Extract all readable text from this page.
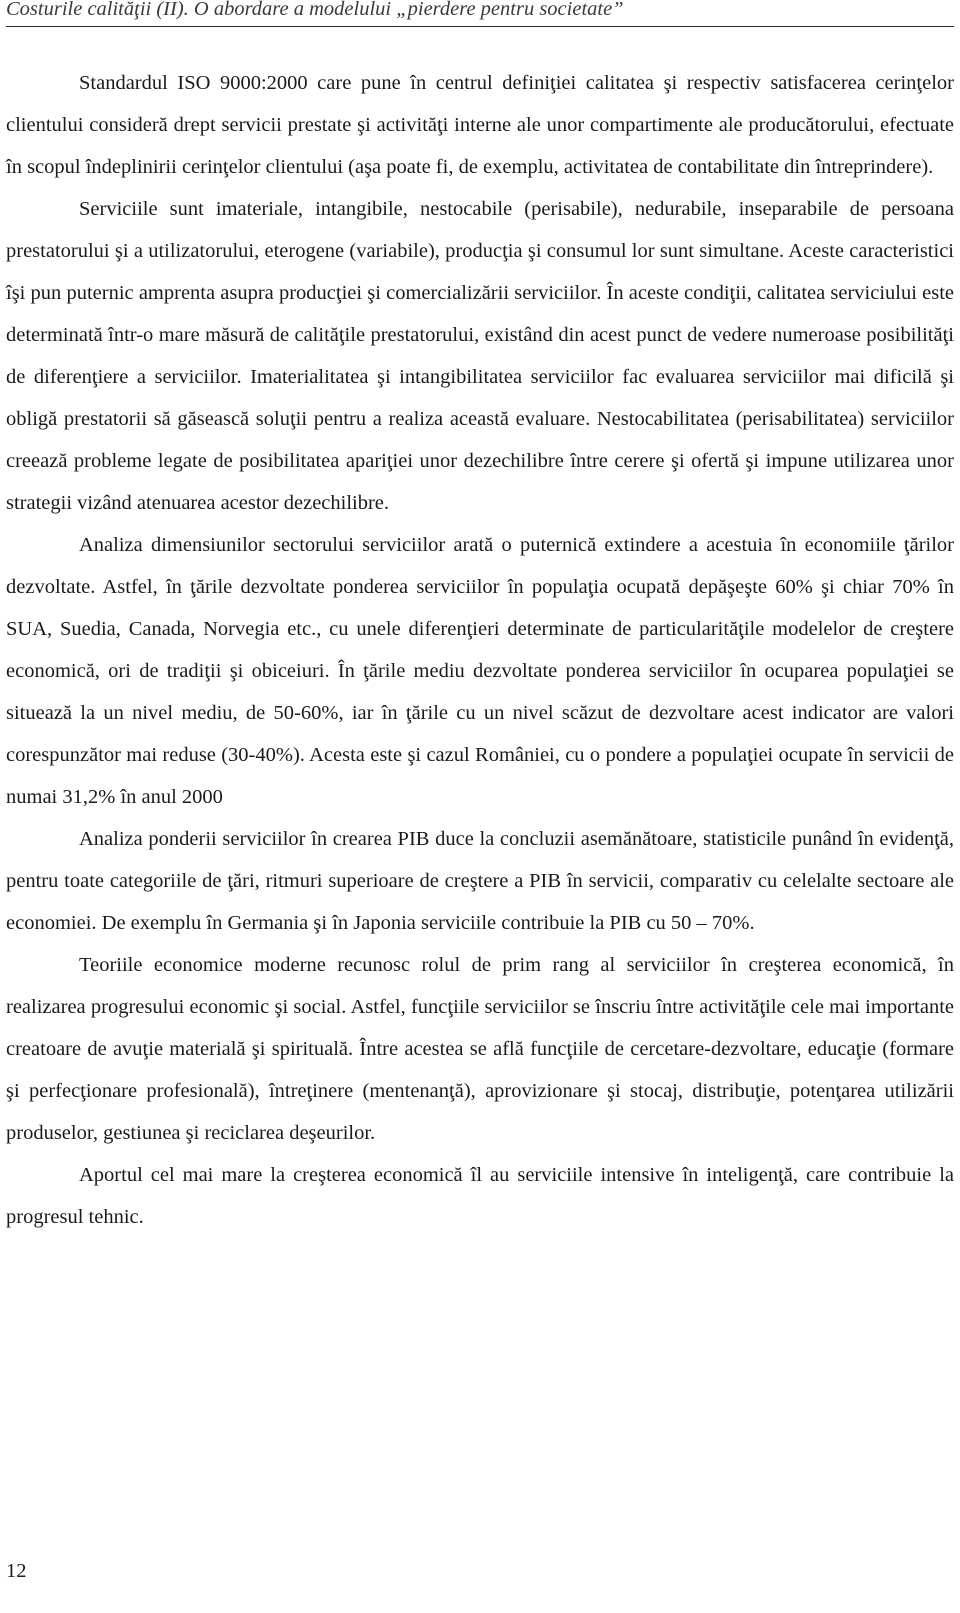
Costurile calităţii (II). O abordare a modelului „pierdere pentru societate”

Standardul ISO 9000:2000 care pune în centrul definiţiei calitatea şi respectiv satisfacerea cerinţelor clientului consideră drept servicii prestate şi activităţi interne ale unor compartimente ale producătorului, efectuate în scopul îndeplinirii cerinţelor clientului (aşa poate fi, de exemplu, activitatea de contabilitate din întreprindere).

Serviciile sunt imateriale, intangibile, nestocabile (perisabile), nedurabile, inseparabile de persoana prestatorului şi a utilizatorului, eterogene (variabile), producţia şi consumul lor sunt simultane. Aceste caracteristici îşi pun puternic amprenta asupra producţiei şi comercializării serviciilor. În aceste condiţii, calitatea serviciului este determinată într-o mare măsură de calităţile prestatorului, existând din acest punct de vedere numeroase posibilităţi de diferenţiere a serviciilor. Imaterialitatea şi intangibilitatea serviciilor fac evaluarea serviciilor mai dificilă şi obligă prestatorii să găsească soluţii pentru a realiza această evaluare. Nestocabilitatea (perisabilitatea) serviciilor creează probleme legate de posibilitatea apariţiei unor dezechilibre între cerere şi ofertă şi impune utilizarea unor strategii vizând atenuarea acestor dezechilibre.

Analiza dimensiunilor sectorului serviciilor arată o puternică extindere a acestuia în economiile ţărilor dezvoltate. Astfel, în ţările dezvoltate ponderea serviciilor în populaţia ocupată depăşeşte 60% şi chiar 70% în SUA, Suedia, Canada, Norvegia etc., cu unele diferenţieri determinate de particularităţile modelelor de creştere economică, ori de tradiţii şi obiceiuri. În ţările mediu dezvoltate ponderea serviciilor în ocuparea populaţiei se situează la un nivel mediu, de 50-60%, iar în ţările cu un nivel scăzut de dezvoltare acest indicator are valori corespunzător mai reduse (30-40%). Acesta este şi cazul României, cu o pondere a populaţiei ocupate în servicii de numai 31,2% în anul 2000

Analiza ponderii serviciilor în crearea PIB duce la concluzii asemănătoare, statisticile punând în evidenţă, pentru toate categoriile de ţări, ritmuri superioare de creştere a PIB în servicii, comparativ cu celelalte sectoare ale economiei. De exemplu în Germania şi în Japonia serviciile contribuie la PIB cu 50 – 70%.

Teoriile economice moderne recunosc rolul de prim rang al serviciilor în creşterea economică, în realizarea progresului economic şi social. Astfel, funcţiile serviciilor se înscriu între activităţile cele mai importante creatoare de avuţie materială şi spirituală. Între acestea se află funcţiile de cercetare-dezvoltare, educaţie (formare şi perfecţionare profesională), întreţinere (mentenanţă), aprovizionare şi stocaj, distribuţie, potenţarea utilizării produselor, gestiunea şi reciclarea deşeurilor.

Aportul cel mai mare la creşterea economică îl au serviciile intensive în inteligenţă, care contribuie la progresul tehnic.

12
